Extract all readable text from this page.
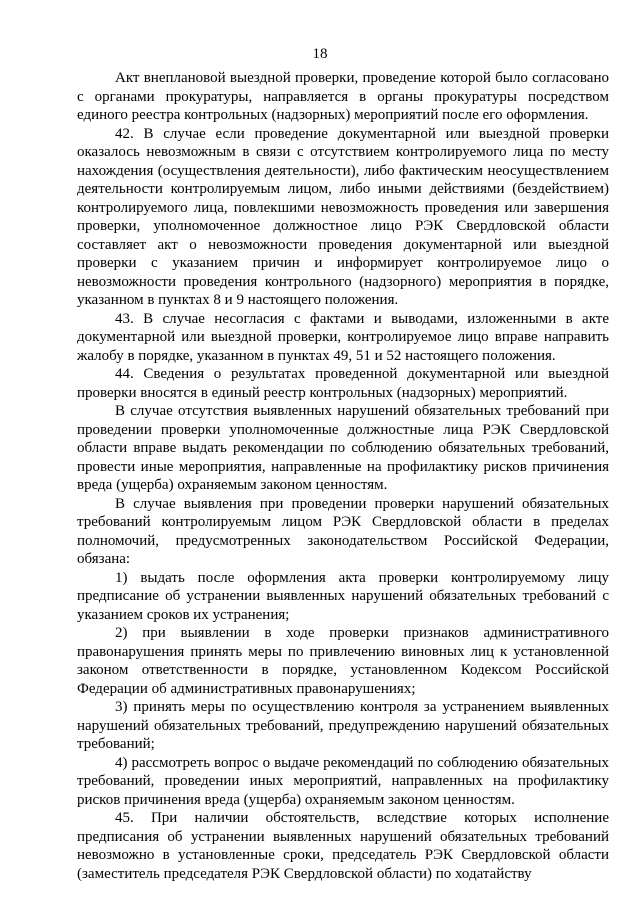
18

Акт внеплановой выездной проверки, проведение которой было согласовано с органами прокуратуры, направляется в органы прокуратуры посредством единого реестра контрольных (надзорных) мероприятий после его оформления.

42. В случае если проведение документарной или выездной проверки оказалось невозможным в связи с отсутствием контролируемого лица по месту нахождения (осуществления деятельности), либо фактическим неосуществлением деятельности контролируемым лицом, либо иными действиями (бездействием) контролируемого лица, повлекшими невозможность проведения или завершения проверки, уполномоченное должностное лицо РЭК Свердловской области составляет акт о невозможности проведения документарной или выездной проверки с указанием причин и информирует контролируемое лицо о невозможности проведения контрольного (надзорного) мероприятия в порядке, указанном в пунктах 8 и 9 настоящего положения.

43. В случае несогласия с фактами и выводами, изложенными в акте документарной или выездной проверки, контролируемое лицо вправе направить жалобу в порядке, указанном в пунктах 49, 51 и 52 настоящего положения.

44. Сведения о результатах проведенной документарной или выездной проверки вносятся в единый реестр контрольных (надзорных) мероприятий.

В случае отсутствия выявленных нарушений обязательных требований при проведении проверки уполномоченные должностные лица РЭК Свердловской области вправе выдать рекомендации по соблюдению обязательных требований, провести иные мероприятия, направленные на профилактику рисков причинения вреда (ущерба) охраняемым законом ценностям.

В случае выявления при проведении проверки нарушений обязательных требований контролируемым лицом РЭК Свердловской области в пределах полномочий, предусмотренных законодательством Российской Федерации, обязана:

1) выдать после оформления акта проверки контролируемому лицу предписание об устранении выявленных нарушений обязательных требований с указанием сроков их устранения;

2) при выявлении в ходе проверки признаков административного правонарушения принять меры по привлечению виновных лиц к установленной законом ответственности в порядке, установленном Кодексом Российской Федерации об административных правонарушениях;

3) принять меры по осуществлению контроля за устранением выявленных нарушений обязательных требований, предупреждению нарушений обязательных требований;

4) рассмотреть вопрос о выдаче рекомендаций по соблюдению обязательных требований, проведении иных мероприятий, направленных на профилактику рисков причинения вреда (ущерба) охраняемым законом ценностям.

45. При наличии обстоятельств, вследствие которых исполнение предписания об устранении выявленных нарушений обязательных требований невозможно в установленные сроки, председатель РЭК Свердловской области (заместитель председателя РЭК Свердловской области) по ходатайству
